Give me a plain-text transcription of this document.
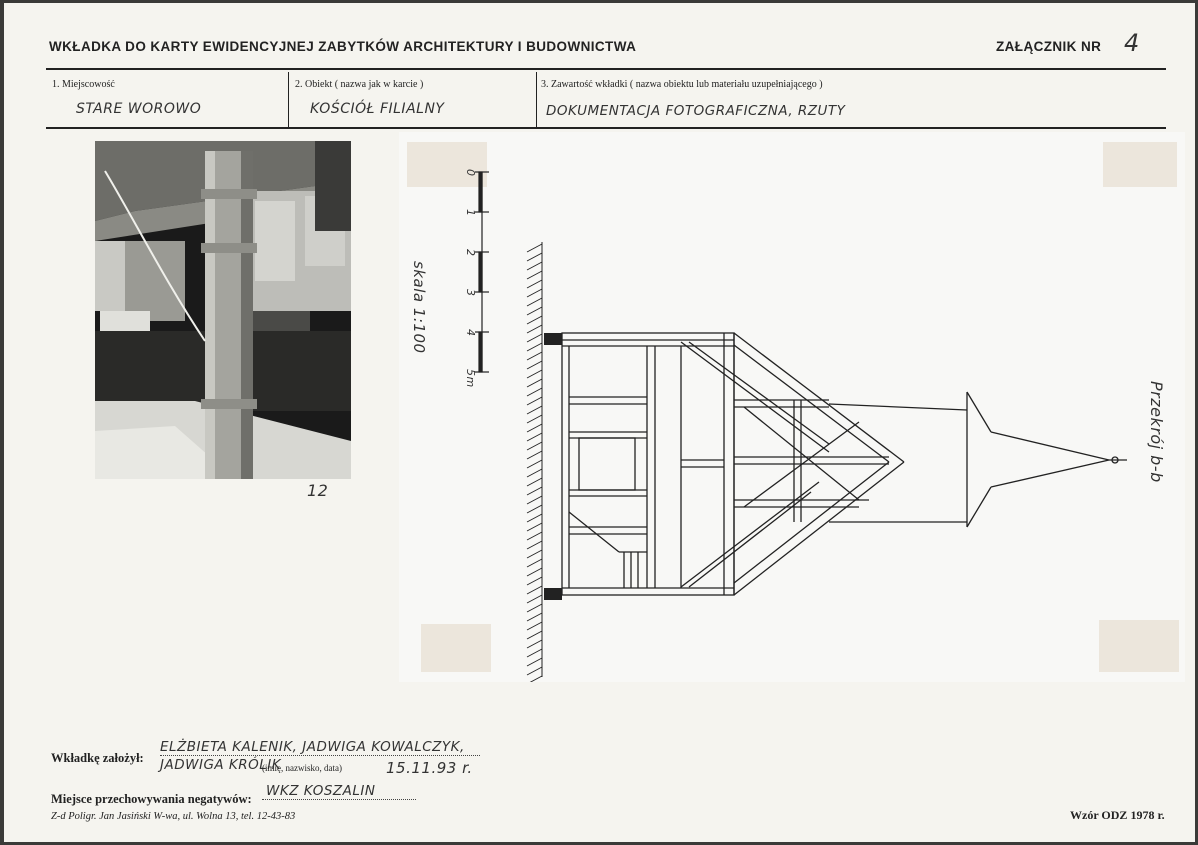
WKŁADKA DO KARTY EWIDENCYJNEJ ZABYTKÓW ARCHITEKTURY I BUDOWNICTWA	ZAŁĄCZNIK NR 4
1. Miejscowość
STARE WOROWO
2. Obiekt ( nazwa jak w karcie )
KOŚCIÓŁ FILIALNY
3. Zawartość wkładki ( nazwa obiektu lub materiału uzupełniającego )
DOKUMENTACJA FOTOGRAFICZNA, RZUTY
12
skala 1:100
0
1
2
3
4
5m
Przekrój b-b
Wkładkę założył:
ELŻBIETA KALENIK, JADWIGA KOWALCZYK,
JADWIGA KRÓLIK
(imię, nazwisko, data)	15.11.93 r.
Miejsce przechowywania negatywów: WKZ KOSZALIN
Z-d Poligr. Jan Jasiński W-wa, ul. Wolna 13, tel. 12-43-83	Wzór ODZ 1978 r.
